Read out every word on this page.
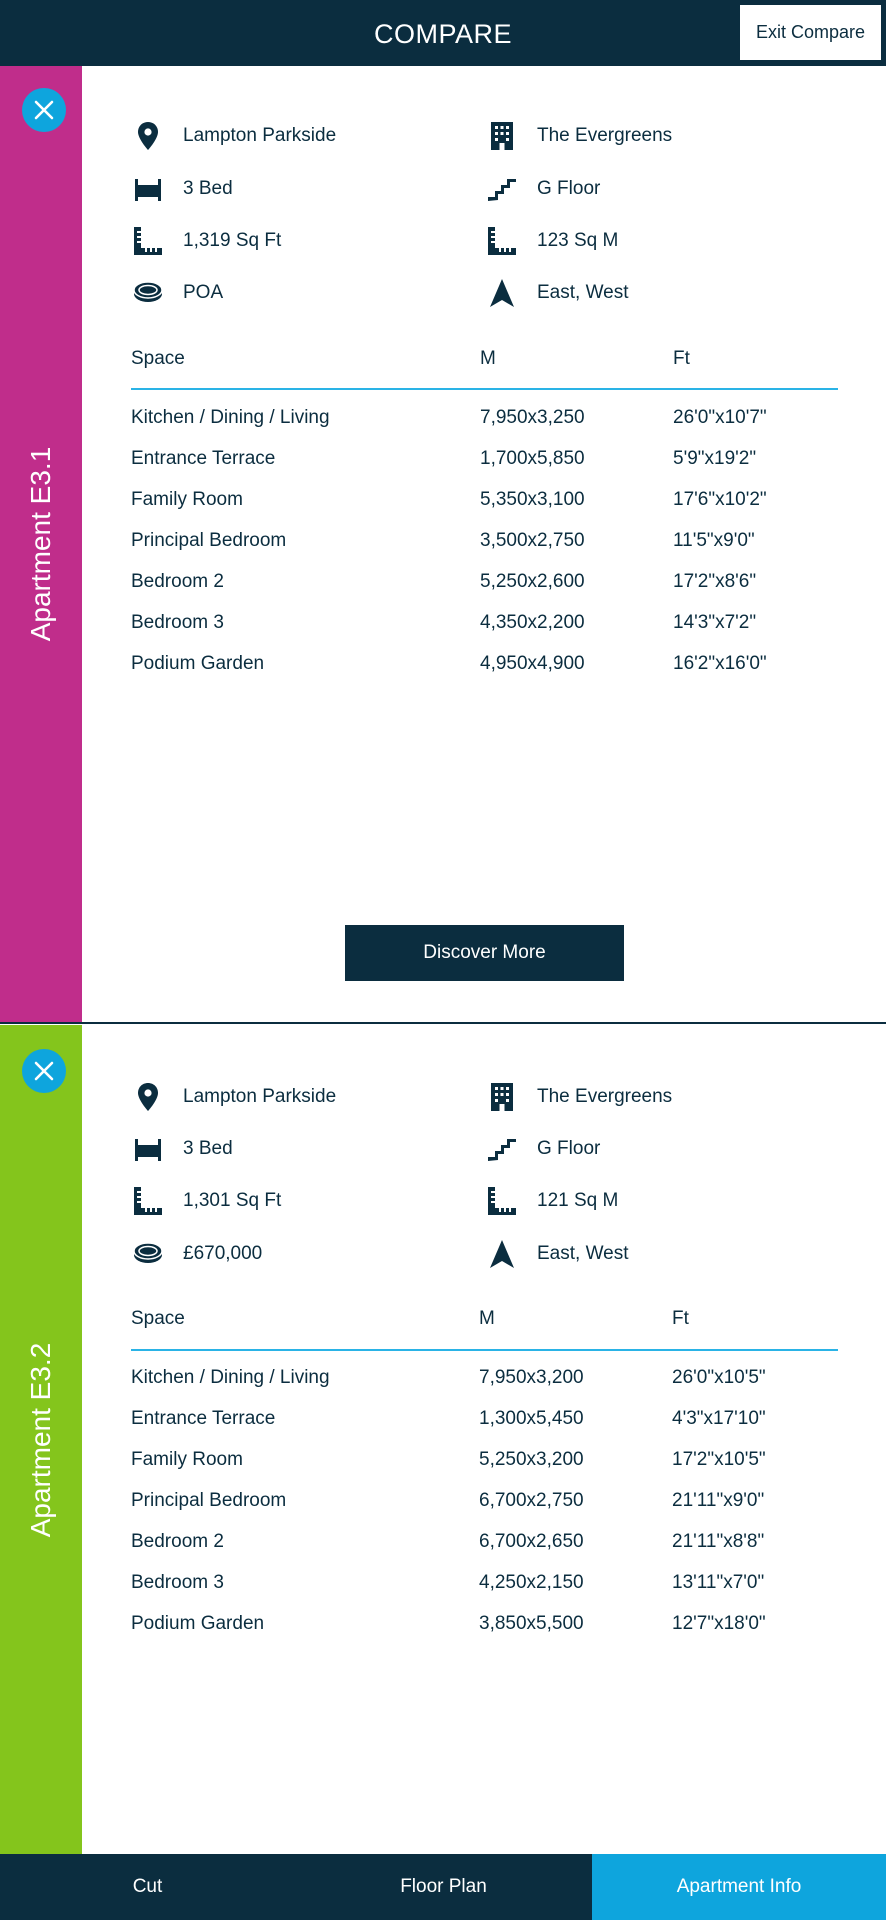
COMPARE	Exit Compare
Apartment E3.1
Lampton Parkside	The Evergreens
3 Bed	G Floor
1,319 Sq Ft	123 Sq M
POA	East, West
Space	M	Ft
Kitchen / Dining / Living	7,950x3,250	26'0"x10'7"
Entrance Terrace	1,700x5,850	5'9"x19'2"
Family Room	5,350x3,100	17'6"x10'2"
Principal Bedroom	3,500x2,750	11'5"x9'0"
Bedroom 2	5,250x2,600	17'2"x8'6"
Bedroom 3	4,350x2,200	14'3"x7'2"
Podium Garden	4,950x4,900	16'2"x16'0"
Discover More
Apartment E3.2
Lampton Parkside	The Evergreens
3 Bed	G Floor
1,301 Sq Ft	121 Sq M
£670,000	East, West
Space	M	Ft
Kitchen / Dining / Living	7,950x3,200	26'0"x10'5"
Entrance Terrace	1,300x5,450	4'3"x17'10"
Family Room	5,250x3,200	17'2"x10'5"
Principal Bedroom	6,700x2,750	21'11"x9'0"
Bedroom 2	6,700x2,650	21'11"x8'8"
Bedroom 3	4,250x2,150	13'11"x7'0"
Podium Garden	3,850x5,500	12'7"x18'0"
Cut	Floor Plan	Apartment Info
